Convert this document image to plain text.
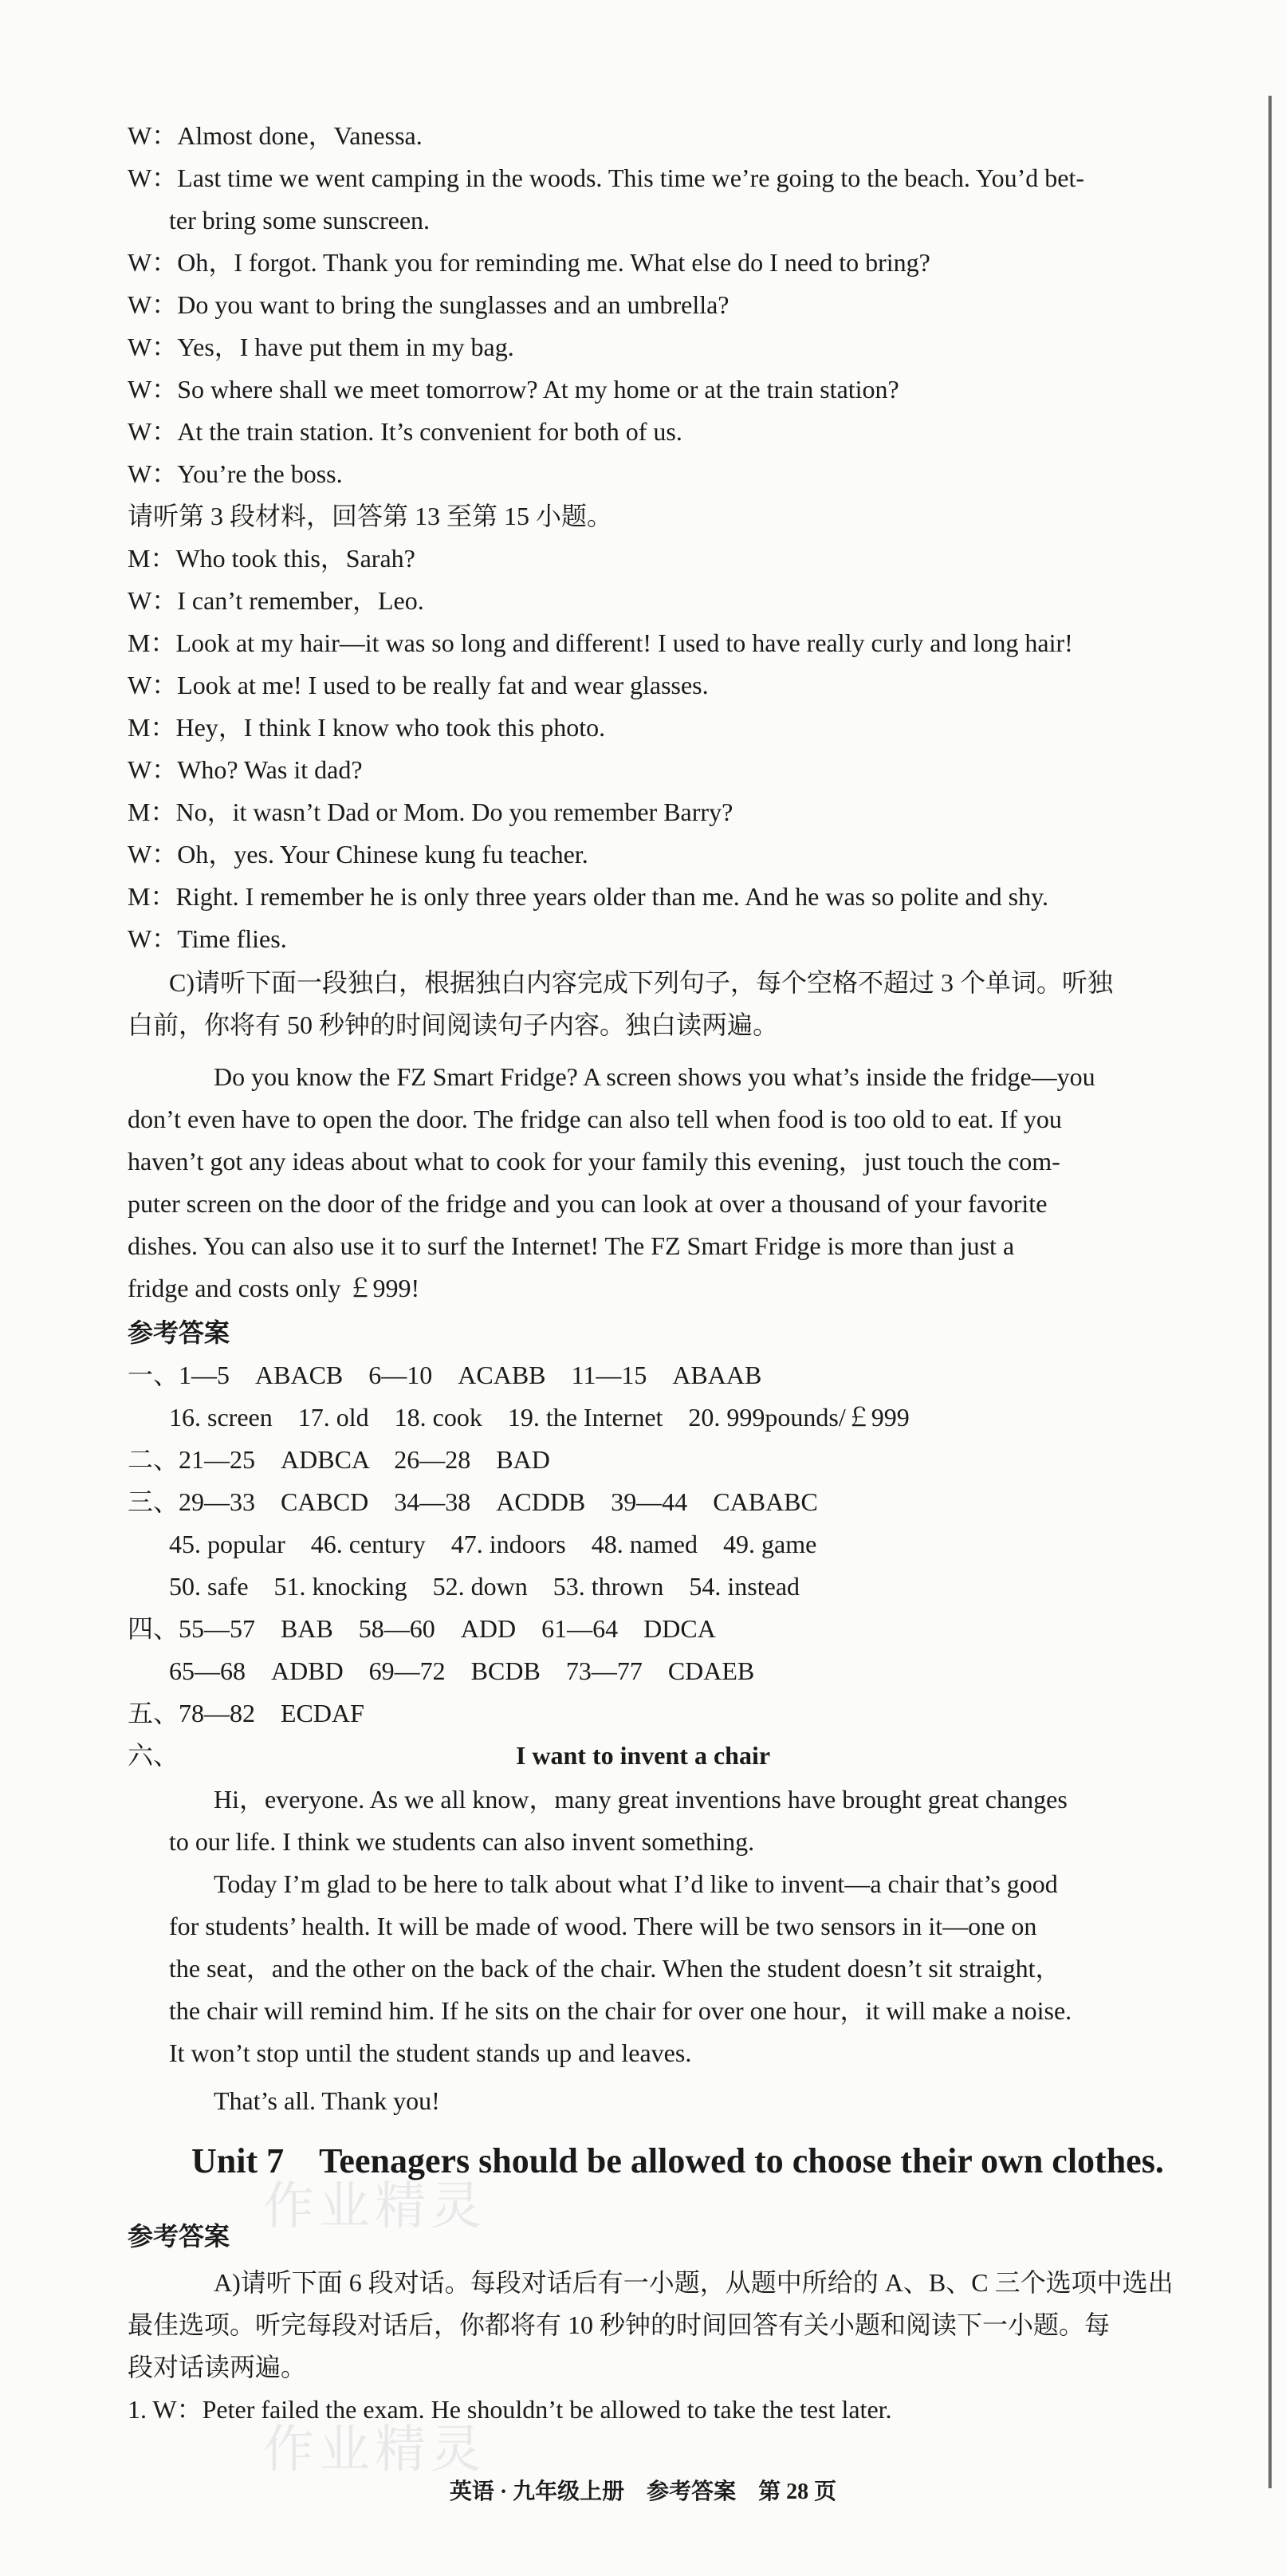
作业精灵
作业精灵
W：Almost done，Vanessa.
W：Last time we went camping in the woods. This time we’re going to the beach. You’d bet-
ter bring some sunscreen.
W：Oh，I forgot. Thank you for reminding me. What else do I need to bring?
W：Do you want to bring the sunglasses and an umbrella?
W：Yes，I have put them in my bag.
W：So where shall we meet tomorrow? At my home or at the train station?
W：At the train station. It’s convenient for both of us.
W：You’re the boss.
请听第 3 段材料，回答第 13 至第 15 小题。
M：Who took this，Sarah?
W：I can’t remember，Leo.
M：Look at my hair—it was so long and different! I used to have really curly and long hair!
W：Look at me! I used to be really fat and wear glasses.
M：Hey，I think I know who took this photo.
W：Who? Was it dad?
M：No，it wasn’t Dad or Mom. Do you remember Barry?
W：Oh，yes. Your Chinese kung fu teacher.
M：Right. I remember he is only three years older than me. And he was so polite and shy.
W：Time flies.
C)请听下面一段独白，根据独白内容完成下列句子，每个空格不超过 3 个单词。听独
白前，你将有 50 秒钟的时间阅读句子内容。独白读两遍。
Do you know the FZ Smart Fridge? A screen shows you what’s inside the fridge—you
don’t even have to open the door. The fridge can also tell when food is too old to eat. If you
haven’t got any ideas about what to cook for your family this evening，just touch the com-
puter screen on the door of the fridge and you can look at over a thousand of your favorite
dishes. You can also use it to surf the Internet! The FZ Smart Fridge is more than just a
fridge and costs only ￡999!
参考答案
一、1—5　ABACB　6—10　ACABB　11—15　ABAAB
16. screen　17. old　18. cook　19. the Internet　20. 999pounds/￡999
二、21—25　ADBCA　26—28　BAD
三、29—33　CABCD　34—38　ACDDB　39—44　CABABC
45. popular　46. century　47. indoors　48. named　49. game
50. safe　51. knocking　52. down　53. thrown　54. instead
四、55—57　BAB　58—60　ADD　61—64　DDCA
65—68　ADBD　69—72　BCDB　73—77　CDAEB
五、78—82　ECDAF
六、	I want to invent a chair
Hi，everyone. As we all know，many great inventions have brought great changes
to our life. I think we students can also invent something.
Today I’m glad to be here to talk about what I’d like to invent—a chair that’s good
for students’ health. It will be made of wood. There will be two sensors in it—one on
the seat，and the other on the back of the chair. When the student doesn’t sit straight，
the chair will remind him. If he sits on the chair for over one hour，it will make a noise.
It won’t stop until the student stands up and leaves.
That’s all. Thank you!
Unit 7　Teenagers should be allowed to choose their own clothes.
参考答案
A)请听下面 6 段对话。每段对话后有一小题，从题中所给的 A、B、C 三个选项中选出
最佳选项。听完每段对话后，你都将有 10 秒钟的时间回答有关小题和阅读下一小题。每
段对话读两遍。
1. W：Peter failed the exam. He shouldn’t be allowed to take the test later.
英语 · 九年级上册　参考答案　第 28 页
